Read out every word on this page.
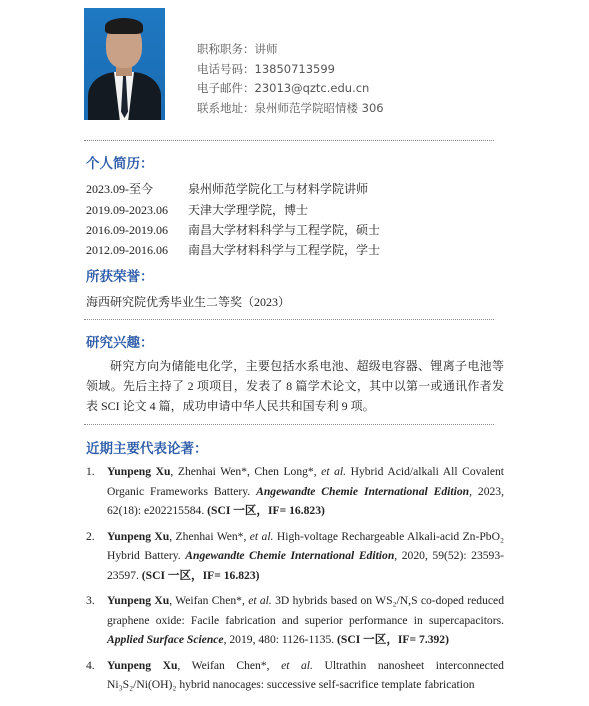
职称职务：讲师
电话号码：13850713599
电子邮件：23013@qztc.edu.cn
联系地址：泉州师范学院昭情楼 306
个人简历：
2023.09-至今	泉州师范学院化工与材料学院讲师
2019.09-2023.06 天津大学理学院，博士
2016.09-2019.06 南昌大学材料科学与工程学院，硕士
2012.09-2016.06 南昌大学材料科学与工程学院，学士
所获荣誉：
海西研究院优秀毕业生二等奖（2023）
研究兴趣：

研究方向为储能电化学，主要包括水系电池、超级电容器、锂离子电池等领域。先后主持了 2 项项目，发表了 8 篇学术论文，其中以第一或通讯作者发表 SCI 论文 4 篇，成功申请中华人民共和国专利 9 项。

近期主要代表论著：
1. Yunpeng Xu, Zhenhai Wen*, Chen Long*, et al. Hybrid Acid/alkali All Covalent Organic Frameworks Battery. Angewandte Chemie International Edition, 2023, 62(18): e202215584. (SCI 一区，IF= 16.823)
2. Yunpeng Xu, Zhenhai Wen*, et al. High-voltage Rechargeable Alkali-acid Zn-PbO₂ Hybrid Battery. Angewandte Chemie International Edition, 2020, 59(52): 23593-23597. (SCI 一区，IF= 16.823)
3. Yunpeng Xu, Weifan Chen*, et al. 3D hybrids based on WS₂/N,S co-doped reduced graphene oxide: Facile fabrication and superior performance in supercapacitors. Applied Surface Science, 2019, 480: 1126-1135. (SCI 一区，IF= 7.392)
4. Yunpeng Xu, Weifan Chen*, et al. Ultrathin nanosheet interconnected Ni₃S₂/Ni(OH)₂ hybrid nanocages: successive self-sacrifice template fabrication
